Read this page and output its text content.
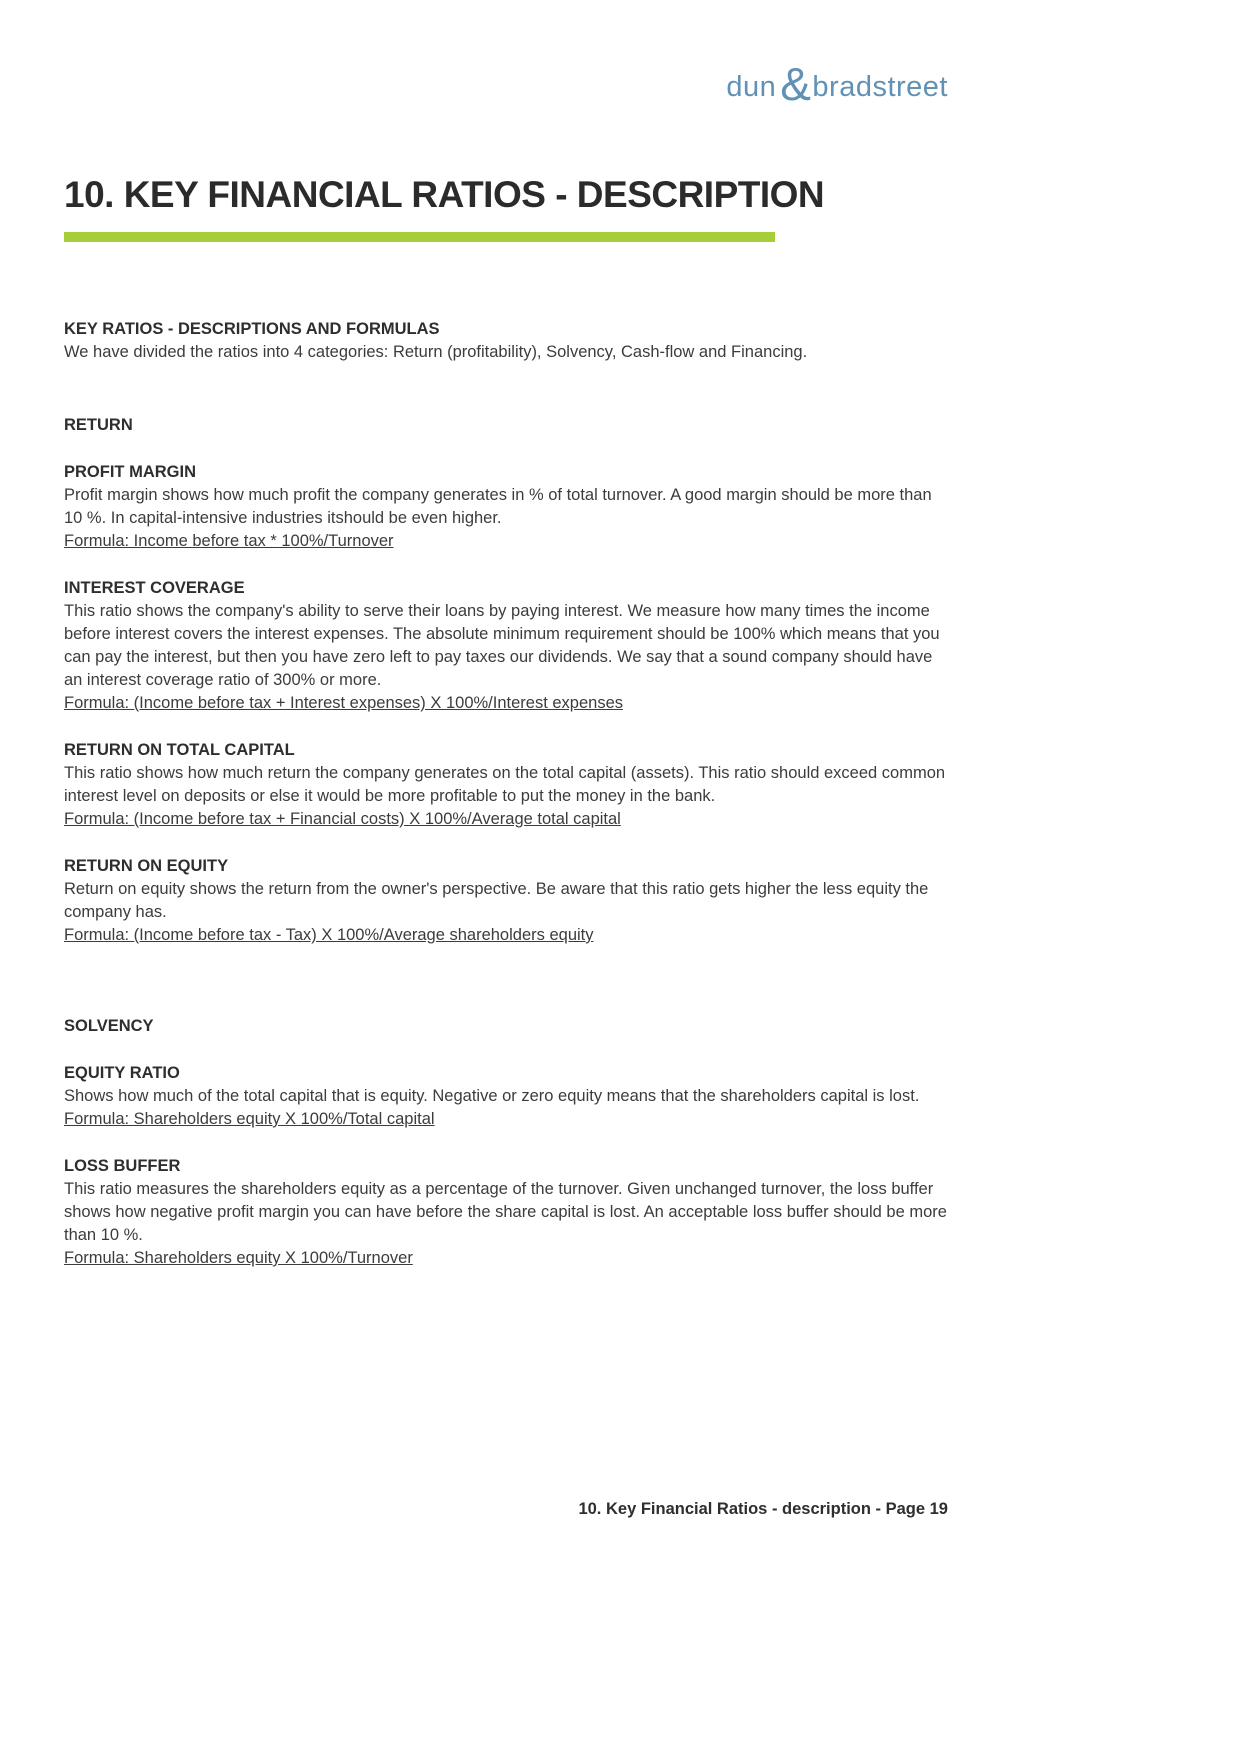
dun & bradstreet
10. KEY FINANCIAL RATIOS - DESCRIPTION
KEY RATIOS - DESCRIPTIONS AND FORMULAS
We have divided the ratios into 4 categories: Return (profitability), Solvency, Cash-flow and Financing.
RETURN
PROFIT MARGIN
Profit margin shows how much profit the company generates in % of total turnover. A good margin should be more than 10 %. In capital-intensive industries itshould be even higher.
Formula: Income before tax * 100%/Turnover
INTEREST COVERAGE
This ratio shows the company's ability to serve their loans by paying interest. We measure how many times the income before interest covers the interest expenses. The absolute minimum requirement should be 100% which means that you can pay the interest, but then you have zero left to pay taxes our dividends. We say that a sound company should have an interest coverage ratio of 300% or more.
Formula: (Income before tax + Interest expenses) X 100%/Interest expenses
RETURN ON TOTAL CAPITAL
This ratio shows how much return the company generates on the total capital (assets). This ratio should exceed common interest level on deposits or else it would be more profitable to put the money in the bank.
Formula: (Income before tax + Financial costs) X 100%/Average total capital
RETURN ON EQUITY
Return on equity shows the return from the owner's perspective. Be aware that this ratio gets higher the less equity the company has.
Formula: (Income before tax - Tax) X 100%/Average shareholders equity
SOLVENCY
EQUITY RATIO
Shows how much of the total capital that is equity. Negative or zero equity means that the shareholders capital is lost.
Formula: Shareholders equity X 100%/Total capital
LOSS BUFFER
This ratio measures the shareholders equity as a percentage of the turnover. Given unchanged turnover, the loss buffer shows how negative profit margin you can have before the share capital is lost. An acceptable loss buffer should be more than 10 %.
Formula: Shareholders equity X 100%/Turnover
10. Key Financial Ratios - description - Page 19
